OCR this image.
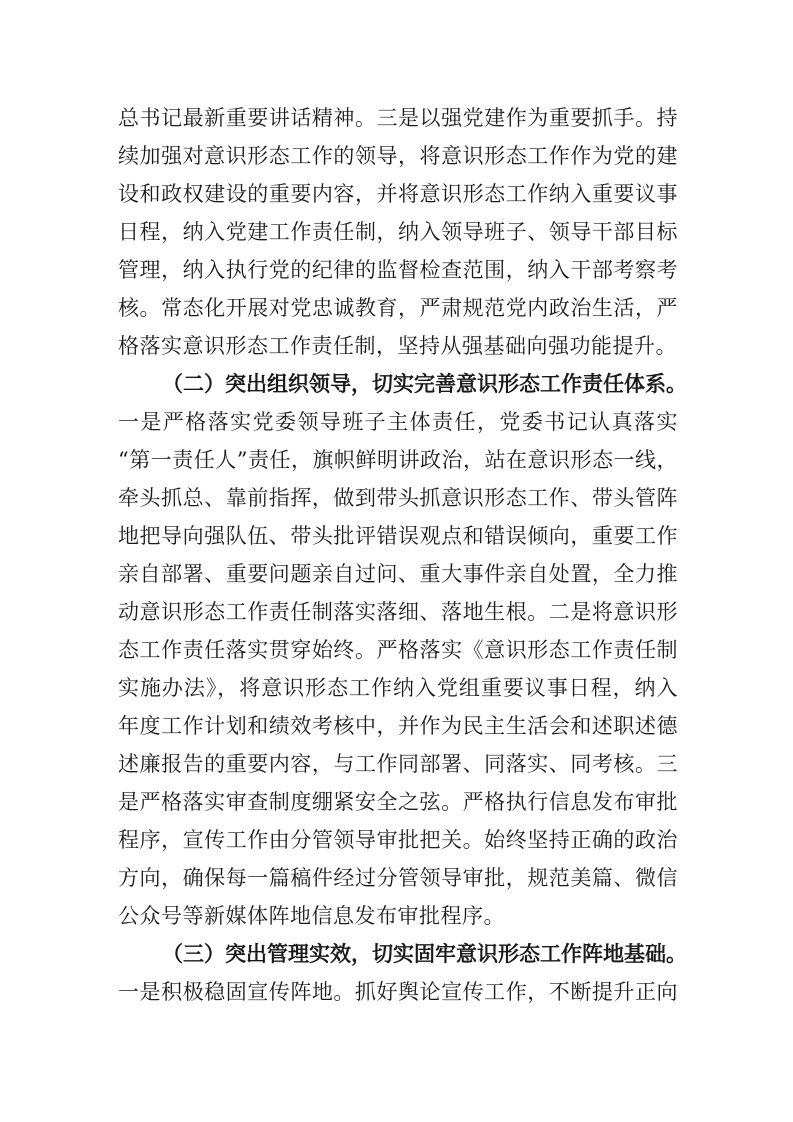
总书记最新重要讲话精神。三是以强党建作为重要抓手。持
续加强对意识形态工作的领导，将意识形态工作作为党的建
设和政权建设的重要内容，并将意识形态工作纳入重要议事
日程，纳入党建工作责任制，纳入领导班子、领导干部目标
管理，纳入执行党的纪律的监督检查范围，纳入干部考察考
核。常态化开展对党忠诚教育，严肃规范党内政治生活，严
格落实意识形态工作责任制，坚持从强基础向强功能提升。
（二）突出组织领导，切实完善意识形态工作责任体系。
一是严格落实党委领导班子主体责任，党委书记认真落实
“第一责任人”责任，旗帜鲜明讲政治，站在意识形态一线，
牵头抓总、靠前指挥，做到带头抓意识形态工作、带头管阵
地把导向强队伍、带头批评错误观点和错误倾向，重要工作
亲自部署、重要问题亲自过问、重大事件亲自处置，全力推
动意识形态工作责任制落实落细、落地生根。二是将意识形
态工作责任落实贯穿始终。严格落实《意识形态工作责任制
实施办法》，将意识形态工作纳入党组重要议事日程，纳入
年度工作计划和绩效考核中，并作为民主生活会和述职述德
述廉报告的重要内容，与工作同部署、同落实、同考核。三
是严格落实审查制度绷紧安全之弦。严格执行信息发布审批
程序，宣传工作由分管领导审批把关。始终坚持正确的政治
方向，确保每一篇稿件经过分管领导审批，规范美篇、微信
公众号等新媒体阵地信息发布审批程序。
（三）突出管理实效，切实固牢意识形态工作阵地基础。
一是积极稳固宣传阵地。抓好舆论宣传工作，不断提升正向
